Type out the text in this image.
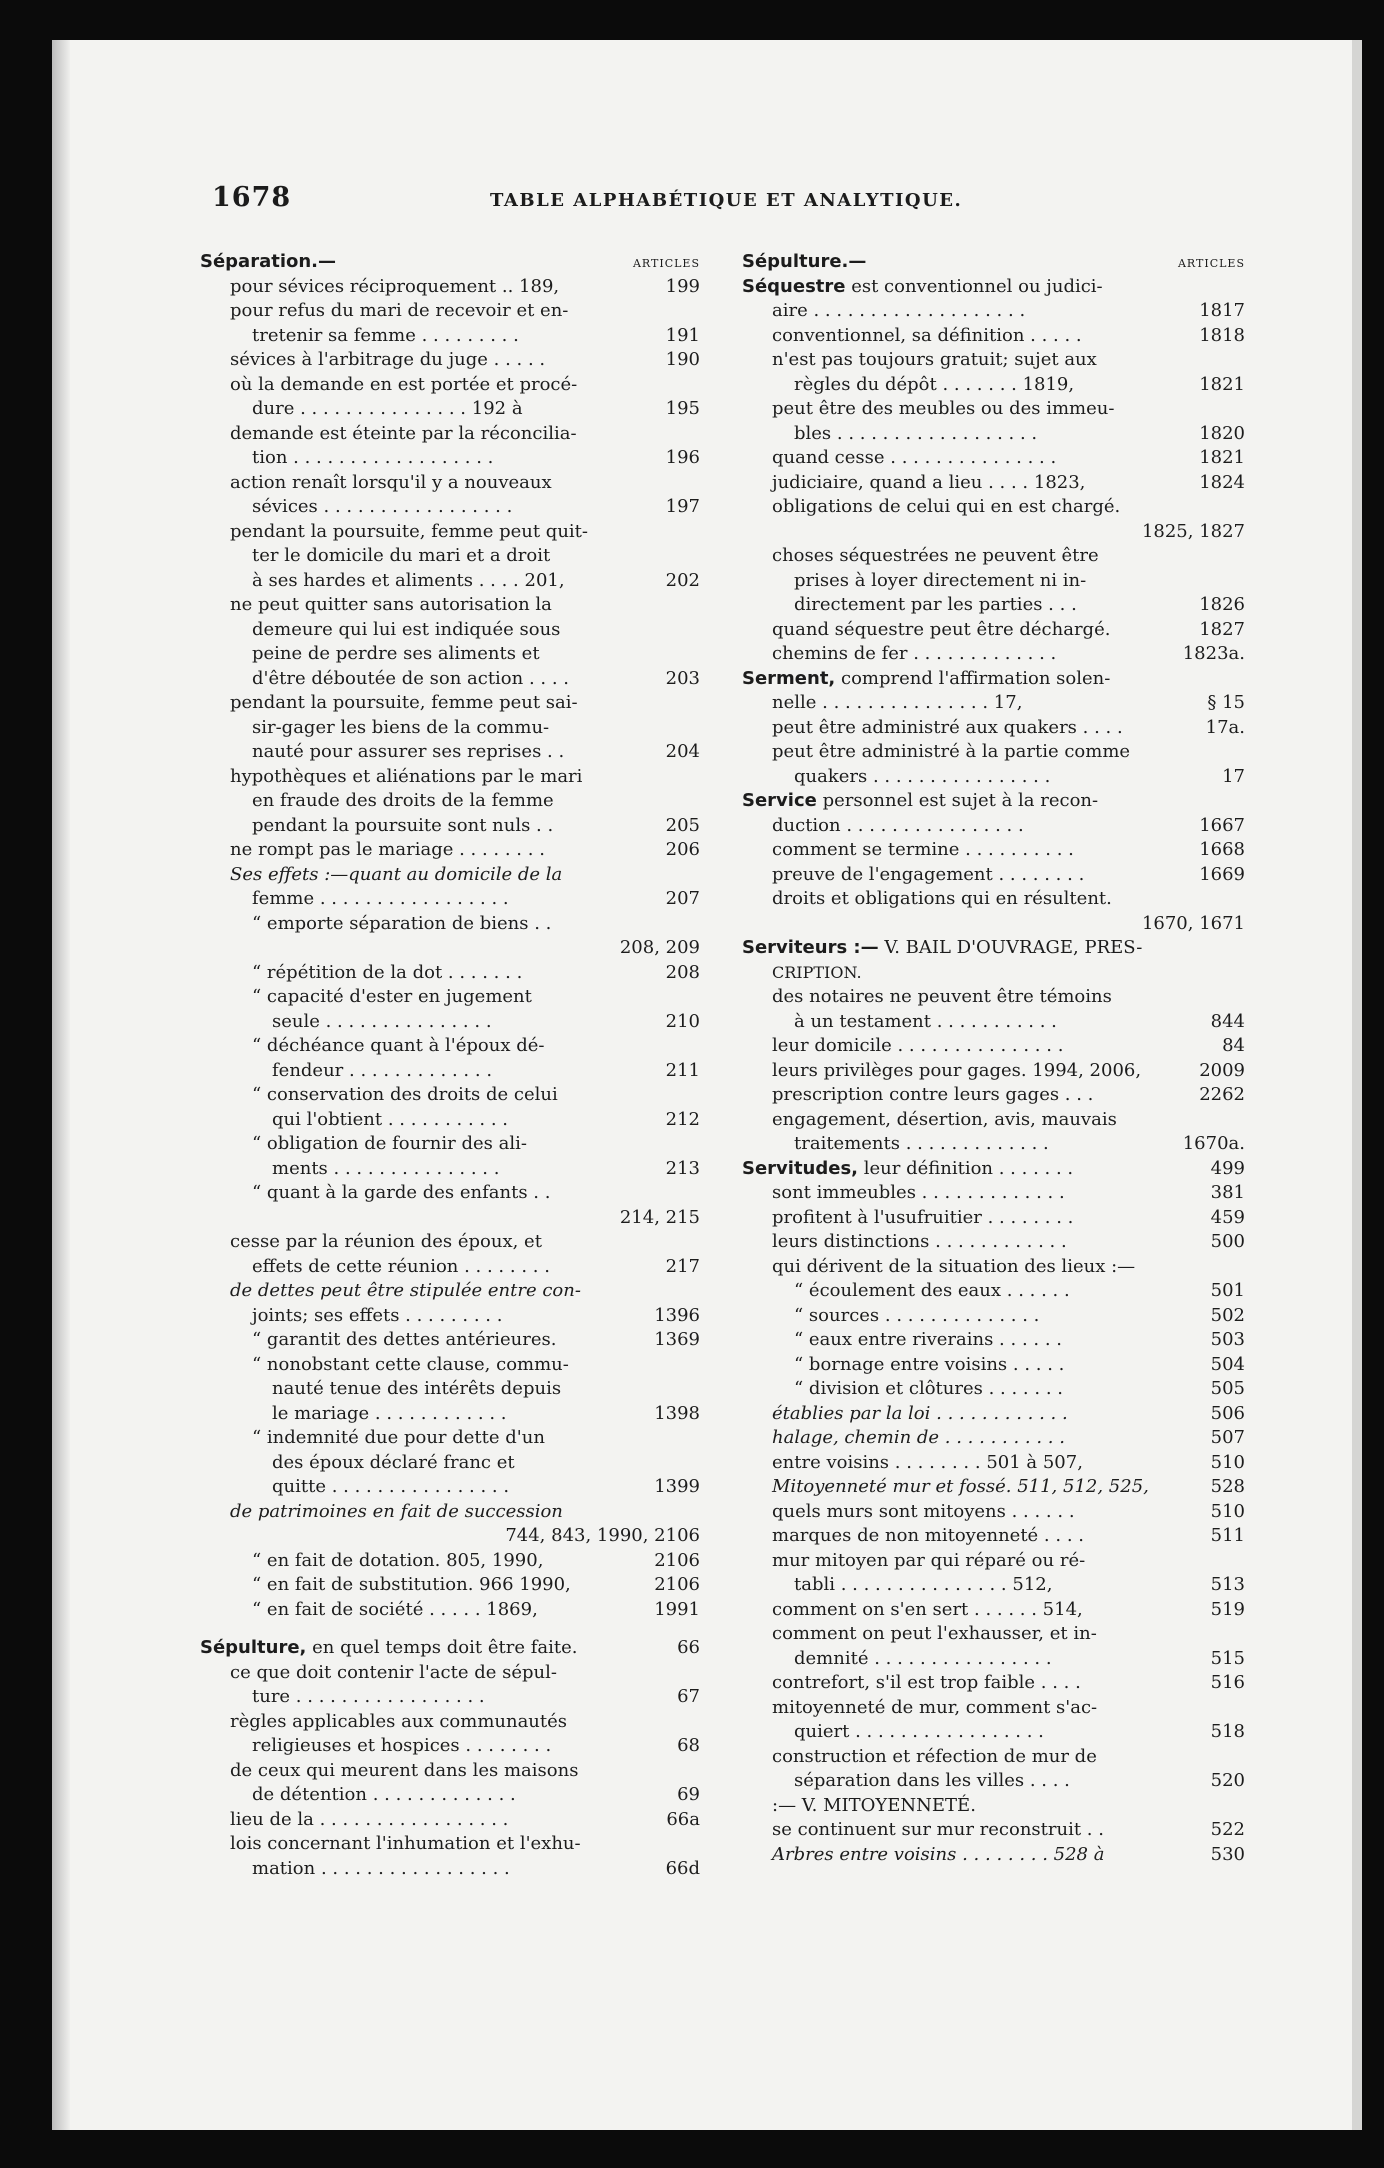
1678	TABLE ALPHABÉTIQUE ET ANALYTIQUE.
Séparation.—	ARTICLES
pour sévices réciproquement .. 189,	199
pour refus du mari de recevoir et en-
tretenir sa femme . . . . . . . . .	191
sévices à l'arbitrage du juge . . . . .	190
où la demande en est portée et procé-
dure . . . . . . . . . . . . . . . 192 à	195
demande est éteinte par la réconcilia-
tion . . . . . . . . . . . . . . . . . .	196
action renaît lorsqu'il y a nouveaux
sévices . . . . . . . . . . . . . . . . .	197
pendant la poursuite, femme peut quit-
ter le domicile du mari et a droit
à ses hardes et aliments . . . . 201,	202
ne peut quitter sans autorisation la
demeure qui lui est indiquée sous
peine de perdre ses aliments et
d'être déboutée de son action . . . .	203
pendant la poursuite, femme peut sai-
sir-gager les biens de la commu-
nauté pour assurer ses reprises . .	204
hypothèques et aliénations par le mari
en fraude des droits de la femme
pendant la poursuite sont nuls . .	205
ne rompt pas le mariage . . . . . . . .	206
Ses effets :—quant au domicile de la
femme . . . . . . . . . . . . . . . . .	207
“ emporte séparation de biens . .
208, 209
“ répétition de la dot . . . . . . .	208
“ capacité d'ester en jugement
seule . . . . . . . . . . . . . . .	210
“ déchéance quant à l'époux dé-
fendeur . . . . . . . . . . . . .	211
“ conservation des droits de celui
qui l'obtient . . . . . . . . . . .	212
“ obligation de fournir des ali-
ments . . . . . . . . . . . . . . .	213
“ quant à la garde des enfants . .
214, 215
cesse par la réunion des époux, et
effets de cette réunion . . . . . . . .	217
de dettes peut être stipulée entre con-
joints; ses effets . . . . . . . . .	1396
“ garantit des dettes antérieures.	1369
“ nonobstant cette clause, commu-
nauté tenue des intérêts depuis
le mariage . . . . . . . . . . . .	1398
“ indemnité due pour dette d'un
des époux déclaré franc et
quitte . . . . . . . . . . . . . . . .	1399
de patrimoines en fait de succession
744, 843, 1990, 2106
“ en fait de dotation. 805, 1990,	2106
“ en fait de substitution. 966 1990,	2106
“ en fait de société . . . . . 1869,	1991
Sépulture, en quel temps doit être faite.	66
ce que doit contenir l'acte de sépul-
ture . . . . . . . . . . . . . . . . .	67
règles applicables aux communautés
religieuses et hospices . . . . . . . .	68
de ceux qui meurent dans les maisons
de détention . . . . . . . . . . . . .	69
lieu de la . . . . . . . . . . . . . . . . .	66a
lois concernant l'inhumation et l'exhu-
mation . . . . . . . . . . . . . . . . .	66d
Sépulture.—	ARTICLES
Séquestre est conventionnel ou judici-
aire . . . . . . . . . . . . . . . . . . .	1817
conventionnel, sa définition . . . . .	1818
n'est pas toujours gratuit; sujet aux
règles du dépôt . . . . . . . 1819,	1821
peut être des meubles ou des immeu-
bles . . . . . . . . . . . . . . . . . .	1820
quand cesse . . . . . . . . . . . . . . .	1821
judiciaire, quand a lieu . . . . 1823,	1824
obligations de celui qui en est chargé.
1825, 1827
choses séquestrées ne peuvent être
prises à loyer directement ni in-
directement par les parties . . .	1826
quand séquestre peut être déchargé.	1827
chemins de fer . . . . . . . . . . . . .	1823a.
Serment, comprend l'affirmation solen-
nelle . . . . . . . . . . . . . . . 17,	§ 15
peut être administré aux quakers . . . .	17a.
peut être administré à la partie comme
quakers . . . . . . . . . . . . . . . .	17
Service personnel est sujet à la recon-
duction . . . . . . . . . . . . . . . .	1667
comment se termine . . . . . . . . . .	1668
preuve de l'engagement . . . . . . . .	1669
droits et obligations qui en résultent.
1670, 1671
Serviteurs :— V. BAIL D'OUVRAGE, PRES-
CRIPTION.
des notaires ne peuvent être témoins
à un testament . . . . . . . . . . .	844
leur domicile . . . . . . . . . . . . . . .	84
leurs privilèges pour gages. 1994, 2006,	2009
prescription contre leurs gages . . .	2262
engagement, désertion, avis, mauvais
traitements . . . . . . . . . . . . .	1670a.
Servitudes, leur définition . . . . . . .	499
sont immeubles . . . . . . . . . . . . .	381
profitent à l'usufruitier . . . . . . . .	459
leurs distinctions . . . . . . . . . . . .	500
qui dérivent de la situation des lieux :—
“ écoulement des eaux . . . . . .	501
“ sources . . . . . . . . . . . . . .	502
“ eaux entre riverains . . . . . .	503
“ bornage entre voisins . . . . .	504
“ division et clôtures . . . . . . .	505
établies par la loi . . . . . . . . . . . .	506
halage, chemin de . . . . . . . . . . .	507
entre voisins . . . . . . . . 501 à 507,	510
Mitoyenneté mur et fossé. 511, 512, 525,	528
quels murs sont mitoyens . . . . . .	510
marques de non mitoyenneté . . . .	511
mur mitoyen par qui réparé ou ré-
tabli . . . . . . . . . . . . . . . 512,	513
comment on s'en sert . . . . . . 514,	519
comment on peut l'exhausser, et in-
demnité . . . . . . . . . . . . . . . .	515
contrefort, s'il est trop faible . . . .	516
mitoyenneté de mur, comment s'ac-
quiert . . . . . . . . . . . . . . . . .	518
construction et réfection de mur de
séparation dans les villes . . . .	520
:— V. MITOYENNETÉ.
se continuent sur mur reconstruit . .	522
Arbres entre voisins . . . . . . . . 528 à	530
